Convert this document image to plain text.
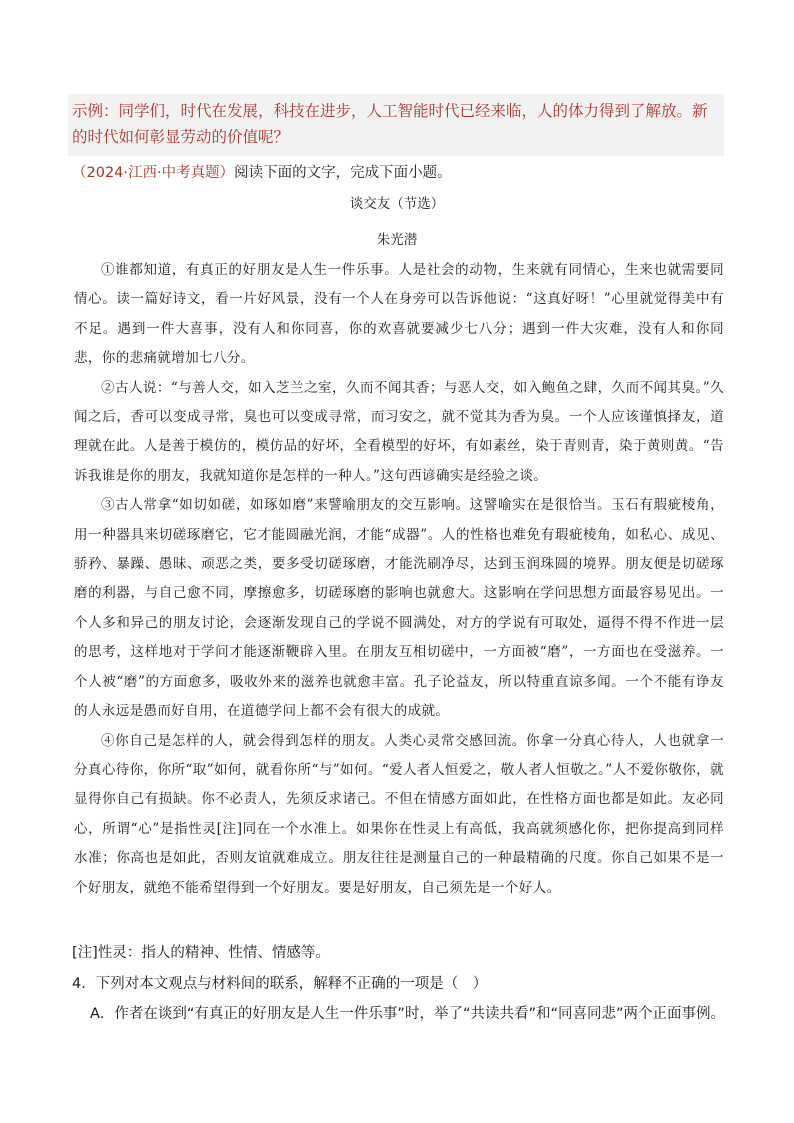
示例：同学们，时代在发展，科技在进步，人工智能时代已经来临，人的体力得到了解放。新的时代如何彰显劳动的价值呢？
（2024·江西·中考真题）阅读下面的文字，完成下面小题。
谈交友（节选）
朱光潜

①谁都知道，有真正的好朋友是人生一件乐事。人是社会的动物，生来就有同情心，生来也就需要同情心。读一篇好诗文，看一片好风景，没有一个人在身旁可以告诉他说：“这真好呀！”心里就觉得美中有不足。遇到一件大喜事，没有人和你同喜，你的欢喜就要减少七八分；遇到一件大灾难，没有人和你同悲，你的悲痛就增加七八分。

②古人说：“与善人交，如入芝兰之室，久而不闻其香；与恶人交，如入鲍鱼之肆，久而不闻其臭。”久闻之后，香可以变成寻常，臭也可以变成寻常，而习安之，就不觉其为香为臭。一个人应该谨慎择友，道理就在此。人是善于模仿的，模仿品的好坏，全看模型的好坏，有如素丝，染于青则青，染于黄则黄。“告诉我谁是你的朋友，我就知道你是怎样的一种人。”这句西谚确实是经验之谈。

③古人常拿“如切如磋，如琢如磨”来譬喻朋友的交互影响。这譬喻实在是很恰当。玉石有瑕疵棱角，用一种器具来切磋琢磨它，它才能圆融光润，才能“成器”。人的性格也难免有瑕疵棱角，如私心、成见、骄矜、暴躁、愚昧、顽恶之类，要多受切磋琢磨，才能洗刷净尽，达到玉润珠圆的境界。朋友便是切磋琢磨的利器，与自己愈不同，摩擦愈多，切磋琢磨的影响也就愈大。这影响在学问思想方面最容易见出。一个人多和异己的朋友讨论，会逐渐发现自己的学说不圆满处，对方的学说有可取处，逼得不得不作进一层的思考，这样地对于学问才能逐渐鞭辟入里。在朋友互相切磋中，一方面被“磨”，一方面也在受滋养。一个人被“磨”的方面愈多，吸收外来的滋养也就愈丰富。孔子论益友，所以特重直谅多闻。一个不能有诤友的人永远是愚而好自用，在道德学问上都不会有很大的成就。

④你自己是怎样的人，就会得到怎样的朋友。人类心灵常交感回流。你拿一分真心待人，人也就拿一分真心待你，你所“取”如何，就看你所“与”如何。“爱人者人恒爱之，敬人者人恒敬之。”人不爱你敬你，就显得你自己有损缺。你不必责人，先须反求诸己。不但在情感方面如此，在性格方面也都是如此。友必同心，所谓“心”是指性灵[注]同在一个水准上。如果你在性灵上有高低，我高就须感化你，把你提高到同样水准；你高也是如此，否则友谊就难成立。朋友往往是测量自己的一种最精确的尺度。你自己如果不是一个好朋友，就绝不能希望得到一个好朋友。要是好朋友，自己须先是一个好人。

[注]性灵：指人的精神、性情、情感等。
4．下列对本文观点与材料间的联系，解释不正确的一项是（　）
A．作者在谈到“有真正的好朋友是人生一件乐事”时，举了“共读共看”和“同喜同悲”两个正面事例。
